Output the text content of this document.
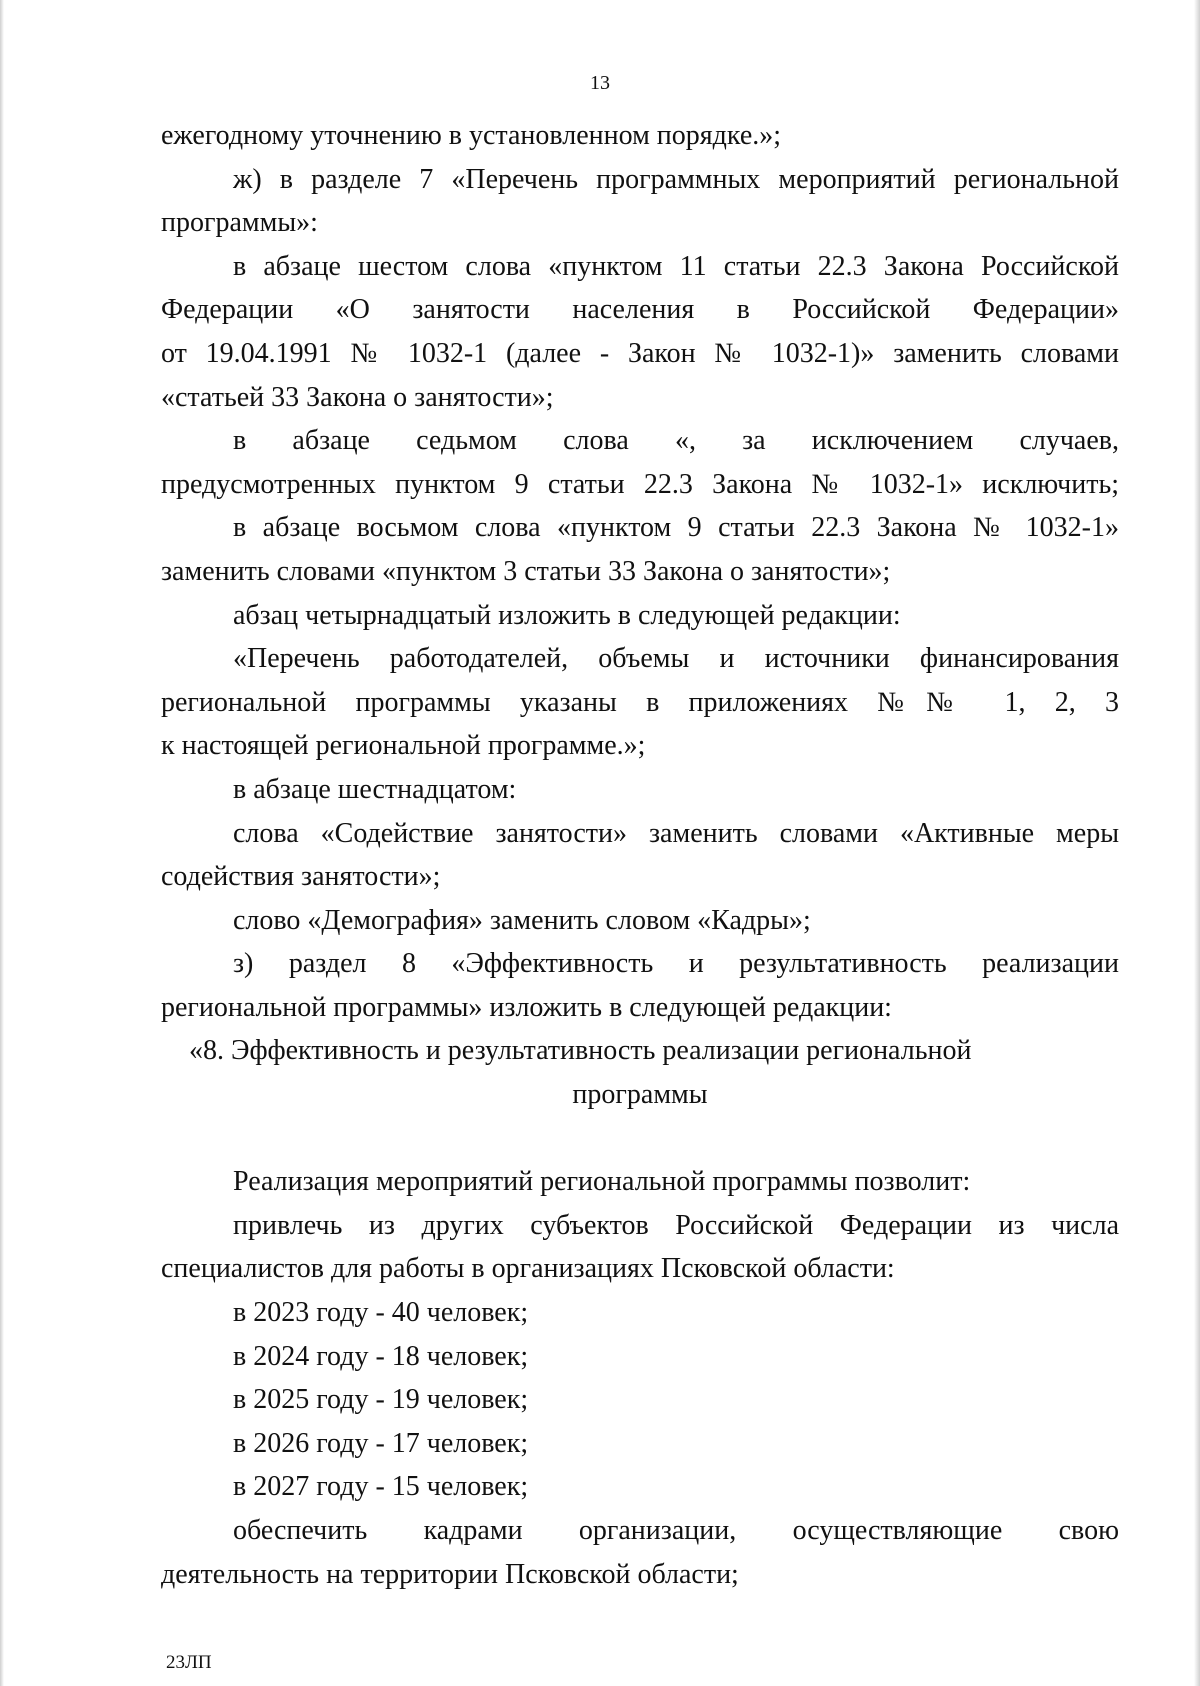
13
ежегодному уточнению в установленном порядке.»;
ж) в разделе 7 «Перечень программных мероприятий региональной
программы»:
в абзаце шестом слова «пунктом 11 статьи 22.3 Закона Российской
Федерации «О занятости населения в Российской Федерации»
от 19.04.1991 № 1032-1 (далее - Закон № 1032-1)» заменить словами
«статьей 33 Закона о занятости»;
в абзаце седьмом слова «, за исключением случаев,
предусмотренных пунктом 9 статьи 22.3 Закона № 1032-1» исключить;
в абзаце восьмом слова «пунктом 9 статьи 22.3 Закона № 1032-1»
заменить словами «пунктом 3 статьи 33 Закона о занятости»;
абзац четырнадцатый изложить в следующей редакции:
«Перечень работодателей, объемы и источники финансирования
региональной программы указаны в приложениях №№ 1, 2, 3
к настоящей региональной программе.»;
в абзаце шестнадцатом:
слова «Содействие занятости» заменить словами «Активные меры
содействия занятости»;
слово «Демография» заменить словом «Кадры»;
з) раздел 8 «Эффективность и результативность реализации
региональной программы» изложить в следующей редакции:
«8. Эффективность и результативность реализации региональной
программы
Реализация мероприятий региональной программы позволит:
привлечь из других субъектов Российской Федерации из числа
специалистов для работы в организациях Псковской области:
в 2023 году - 40 человек;
в 2024 году - 18 человек;
в 2025 году - 19 человек;
в 2026 году - 17 человек;
в 2027 году - 15 человек;
обеспечить кадрами организации, осуществляющие свою
деятельность на территории Псковской области;
23ЛП
